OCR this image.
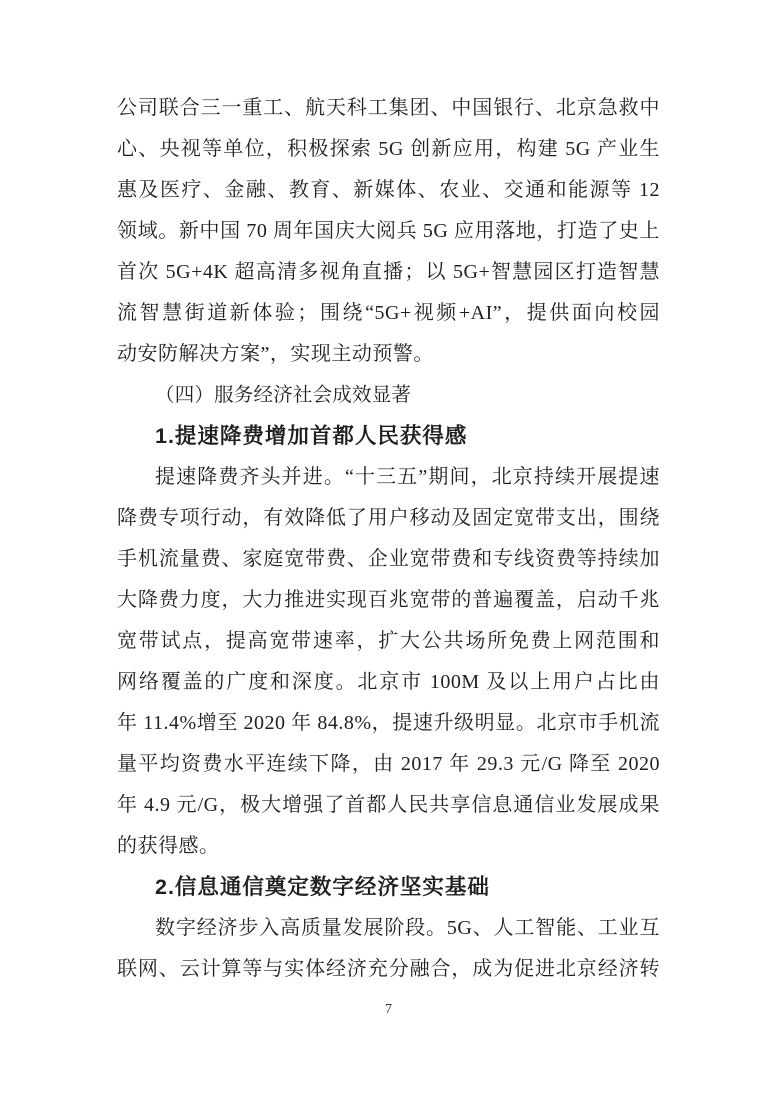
公司联合三一重工、航天科工集团、中国银行、北京急救中
心、央视等单位，积极探索 5G 创新应用，构建 5G 产业生
惠及医疗、金融、教育、新媒体、农业、交通和能源等 12
领域。新中国 70 周年国庆大阅兵 5G 应用落地，打造了史上
首次 5G+4K 超高清多视角直播；以 5G+智慧园区打造智慧
流智慧街道新体验；围绕“5G+视频+AI”，提供面向校园
动安防解决方案”，实现主动预警。
（四）服务经济社会成效显著
1.提速降费增加首都人民获得感
提速降费齐头并进。“十三五”期间，北京持续开展提速
降费专项行动，有效降低了用户移动及固定宽带支出，围绕
手机流量费、家庭宽带费、企业宽带费和专线资费等持续加
大降费力度，大力推进实现百兆宽带的普遍覆盖，启动千兆
宽带试点，提高宽带速率，扩大公共场所免费上网范围和
网络覆盖的广度和深度。北京市 100M 及以上用户占比由
年 11.4%增至 2020 年 84.8%，提速升级明显。北京市手机流
量平均资费水平连续下降，由 2017 年 29.3 元/G 降至 2020
年 4.9 元/G，极大增强了首都人民共享信息通信业发展成果
的获得感。
2.信息通信奠定数字经济坚实基础
数字经济步入高质量发展阶段。5G、人工智能、工业互
联网、云计算等与实体经济充分融合，成为促进北京经济转
7
